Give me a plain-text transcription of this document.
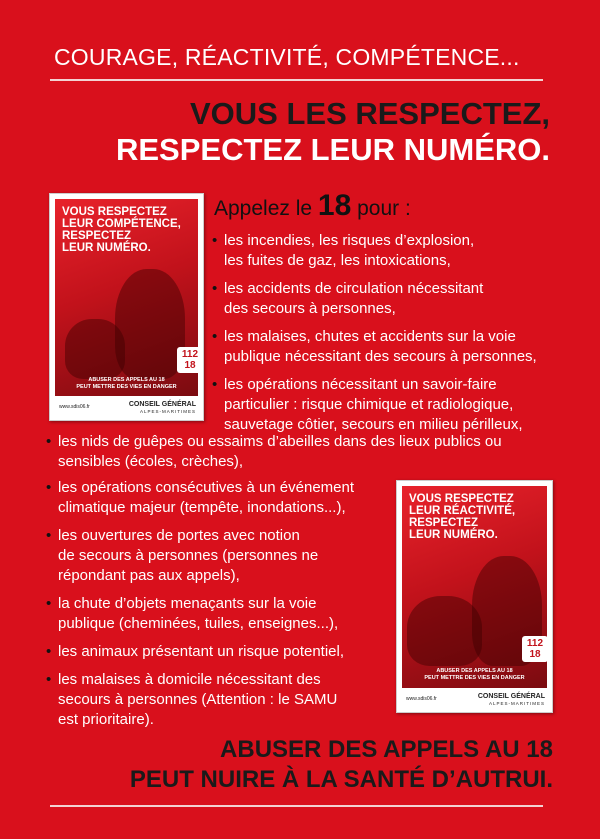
COURAGE, RÉACTIVITÉ, COMPÉTENCE...
VOUS LES RESPECTEZ,
RESPECTEZ LEUR NUMÉRO.
VOUS RESPECTEZ
LEUR COMPÉTENCE,
RESPECTEZ
LEUR NUMÉRO.
112 18
ABUSER DES APPELS AU 18
PEUT METTRE DES VIES EN DANGER
www.sdis06.fr	CONSEIL GÉNÉRAL
ALPES-MARITIMES
Appelez le 18 pour :
• les incendies, les risques d’explosion,
les fuites de gaz, les intoxications,
• les accidents de circulation nécessitant
des secours à personnes,
• les malaises, chutes et accidents sur la voie
publique nécessitant des secours à personnes,
• les opérations nécessitant un savoir-faire
particulier : risque chimique et radiologique,
sauvetage côtier, secours en milieu périlleux,
• les nids de guêpes ou essaims d’abeilles dans des lieux publics ou
sensibles (écoles, crèches),
• les opérations consécutives à un événement
climatique majeur (tempête, inondations...),
• les ouvertures de portes avec notion
de secours à personnes (personnes ne
répondant pas aux appels),
• la chute d’objets menaçants sur la voie
publique (cheminées, tuiles, enseignes...),
• les animaux présentant un risque potentiel,
• les malaises à domicile nécessitant des
secours à personnes (Attention : le SAMU
est prioritaire).
VOUS RESPECTEZ
LEUR RÉACTIVITÉ,
RESPECTEZ
LEUR NUMÉRO.
112 18
ABUSER DES APPELS AU 18
PEUT METTRE DES VIES EN DANGER
www.sdis06.fr	CONSEIL GÉNÉRAL
ALPES-MARITIMES
ABUSER DES APPELS AU 18
PEUT NUIRE À LA SANTÉ D’AUTRUI.
